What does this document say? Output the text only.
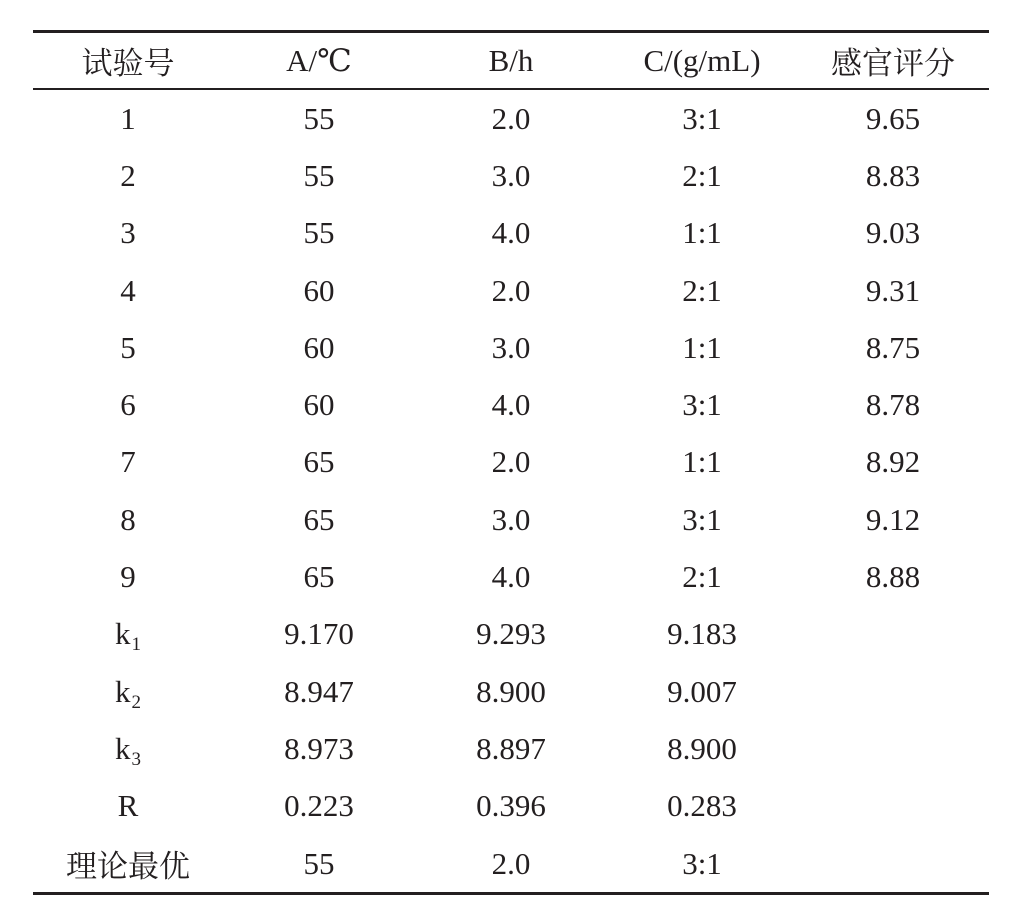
试验号	A/℃	B/h	C/(g/mL)	感官评分
1	55	2.0	3:1	9.65
2	55	3.0	2:1	8.83
3	55	4.0	1:1	9.03
4	60	2.0	2:1	9.31
5	60	3.0	1:1	8.75
6	60	4.0	3:1	8.78
7	65	2.0	1:1	8.92
8	65	3.0	3:1	9.12
9	65	4.0	2:1	8.88
k1	9.170	9.293	9.183	
k2	8.947	8.900	9.007	
k3	8.973	8.897	8.900	
R	0.223	0.396	0.283	
理论最优	55	2.0	3:1	
